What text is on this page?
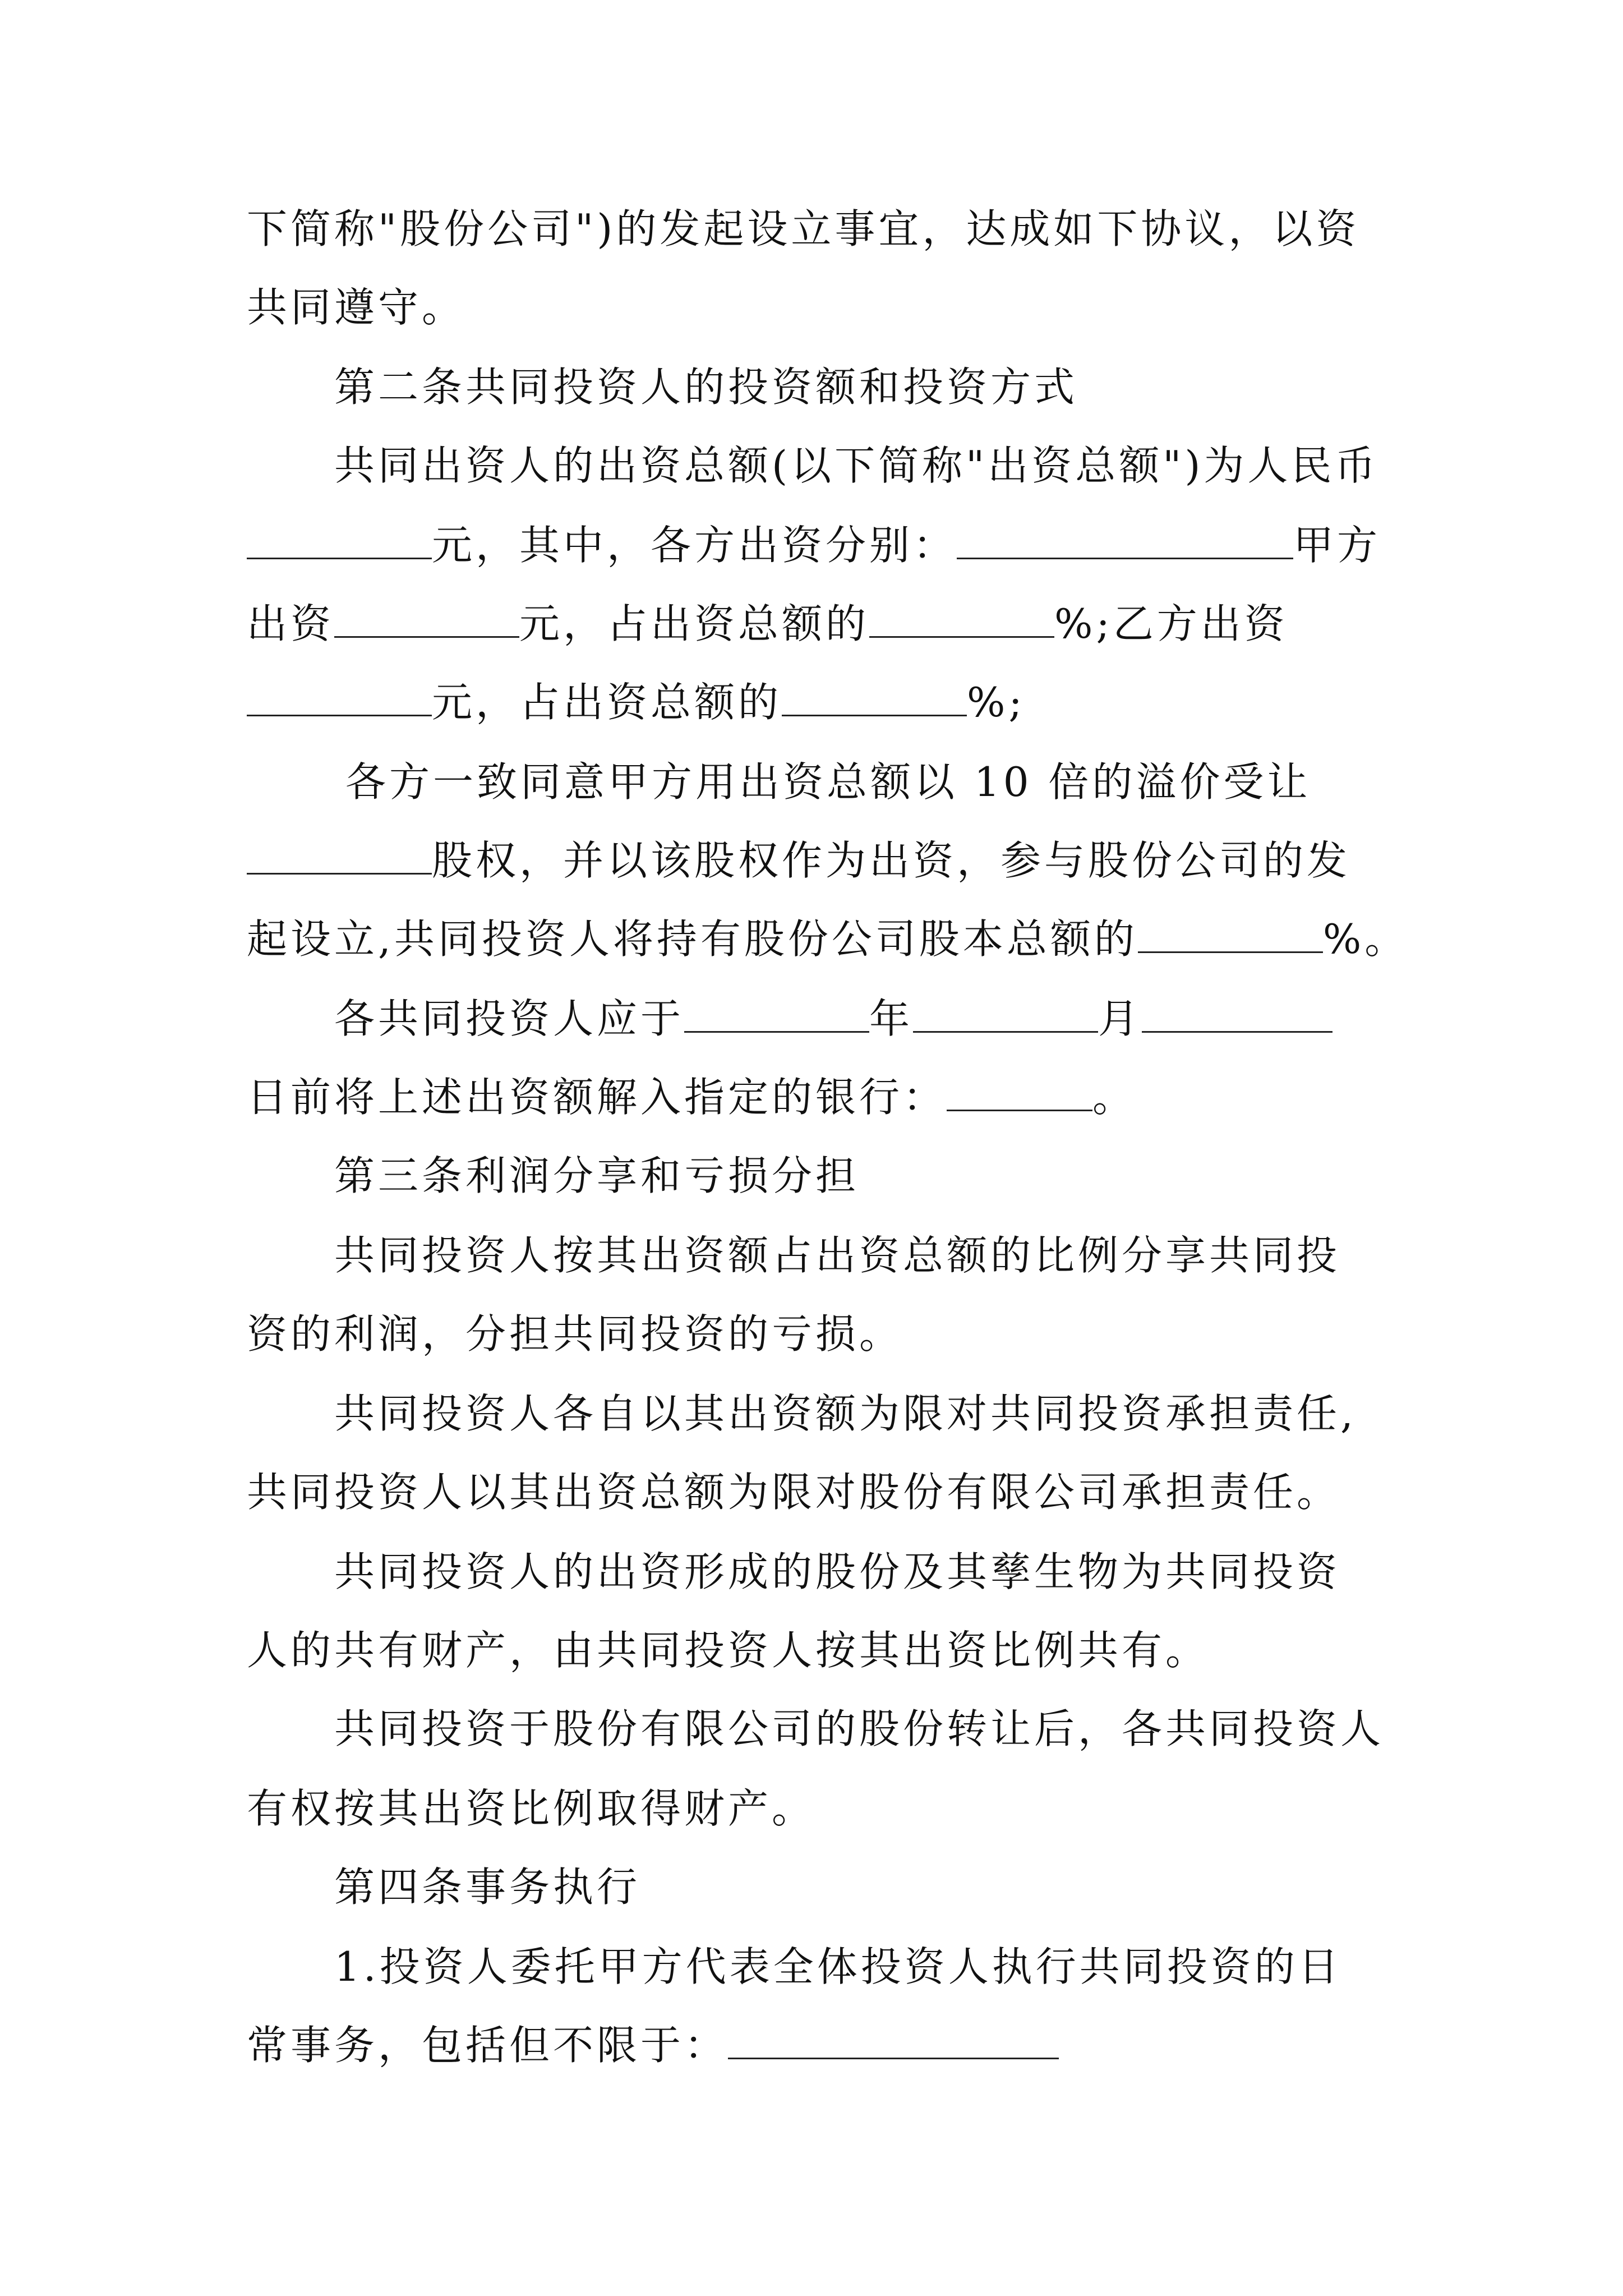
下简称"股份公司")的发起设立事宜，达成如下协议，以资
共同遵守。
第二条共同投资人的投资额和投资方式
共同出资人的出资总额(以下简称"出资总额")为人民币
元，其中，各方出资分别：	甲方
出资	元，占出资总额的	%;乙方出资
元，占出资总额的	%;
各方一致同意甲方用出资总额以 10 倍的溢价受让
股权，并以该股权作为出资，参与股份公司的发
起设立,共同投资人将持有股份公司股本总额的	%。
各共同投资人应于	年	月
日前将上述出资额解入指定的银行：	。
第三条利润分享和亏损分担
共同投资人按其出资额占出资总额的比例分享共同投
资的利润，分担共同投资的亏损。
共同投资人各自以其出资额为限对共同投资承担责任,
共同投资人以其出资总额为限对股份有限公司承担责任。
共同投资人的出资形成的股份及其孳生物为共同投资
人的共有财产，由共同投资人按其出资比例共有。
共同投资于股份有限公司的股份转让后，各共同投资人
有权按其出资比例取得财产。
第四条事务执行
1.投资人委托甲方代表全体投资人执行共同投资的日
常事务，包括但不限于：
